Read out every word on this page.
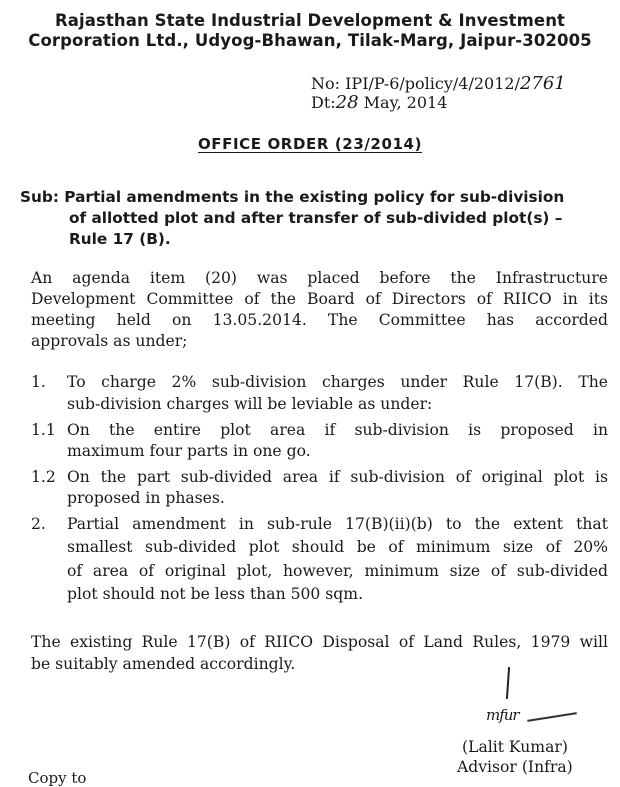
Rajasthan State Industrial Development & Investment
Corporation Ltd., Udyog-Bhawan, Tilak-Marg, Jaipur-302005
No: IPI/P-6/policy/4/2012/2761
Dt:28 May, 2014
OFFICE ORDER (23/2014)
Sub: Partial amendments in the existing policy for sub-division
of allotted plot and after transfer of sub-divided plot(s) –
Rule 17 (B).
An agenda item (20) was placed before the Infrastructure
Development Committee of the Board of Directors of RIICO in its
meeting held on 13.05.2014. The Committee has accorded
approvals as under;
1. To charge 2% sub-division charges under Rule 17(B). The
sub-division charges will be leviable as under:
1.1 On the entire plot area if sub-division is proposed in
maximum four parts in one go.
1.2 On the part sub-divided area if sub-division of original plot is
proposed in phases.
2. Partial amendment in sub-rule 17(B)(ii)(b) to the extent that
smallest sub-divided plot should be of minimum size of 20%
of area of original plot, however, minimum size of sub-divided
plot should not be less than 500 sqm.
The existing Rule 17(B) of RIICO Disposal of Land Rules, 1979 will
be suitably amended accordingly.
mfur
(Lalit Kumar)
Advisor (Infra)
Copy to
